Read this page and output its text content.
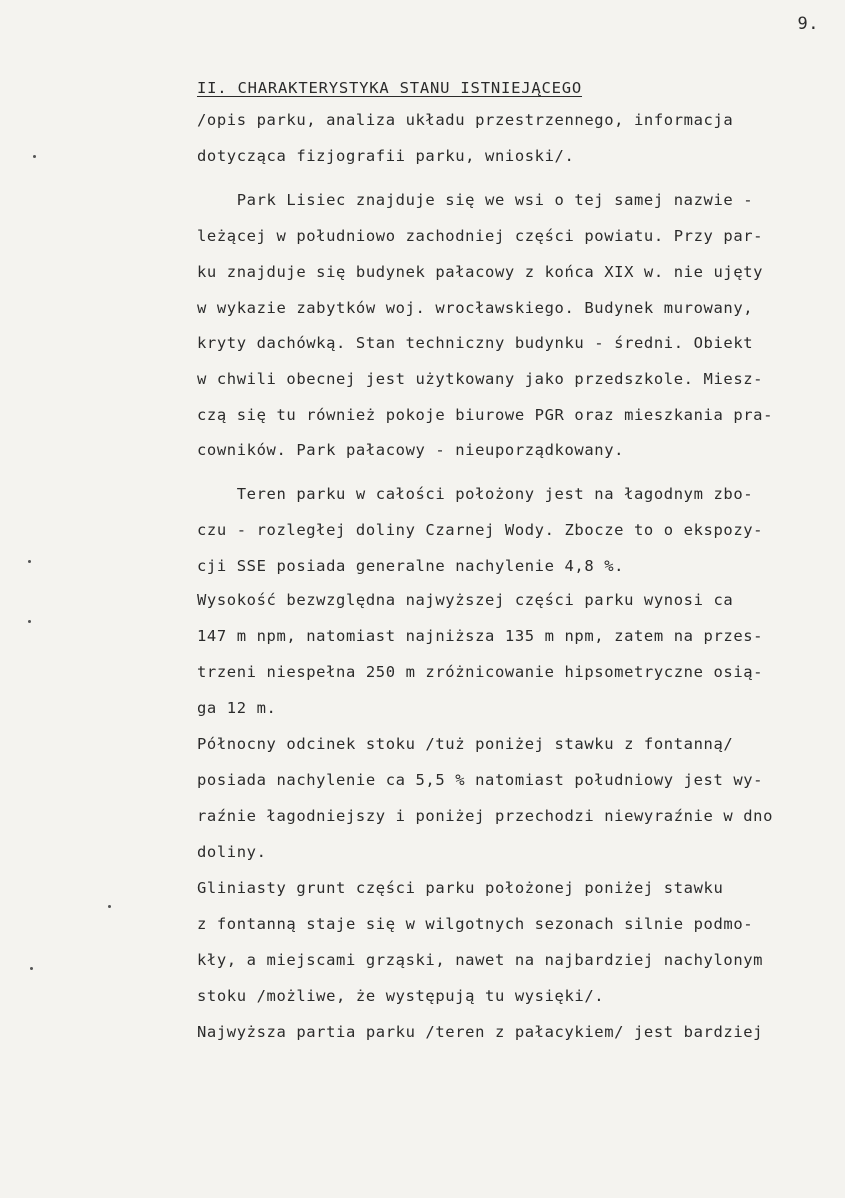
9.
II. CHARAKTERYSTYKA STANU ISTNIEJĄCEGO
/opis parku, analiza układu przestrzennego, informacja
dotycząca fizjografii parku, wnioski/.
Park Lisiec znajduje się we wsi o tej samej nazwie -
leżącej w południowo zachodniej części powiatu. Przy par-
ku znajduje się budynek pałacowy z końca XIX w. nie ujęty
w wykazie zabytków woj. wrocławskiego. Budynek murowany,
kryty dachówką. Stan techniczny budynku - średni. Obiekt
w chwili obecnej jest użytkowany jako przedszkole. Miesz-
czą się tu również pokoje biurowe PGR oraz mieszkania pra-
cowników. Park pałacowy - nieuporządkowany.
Teren parku w całości położony jest na łagodnym zbo-
czu - rozległej doliny Czarnej Wody. Zbocze to o ekspozy-
cji SSE posiada generalne nachylenie 4,8 %.
Wysokość bezwzględna najwyższej części parku wynosi ca
147 m npm, natomiast najniższa 135 m npm, zatem na przes-
trzeni niespełna 250 m zróżnicowanie hipsometryczne osią-
ga 12 m.
Północny odcinek stoku /tuż poniżej stawku z fontanną/
posiada nachylenie ca 5,5 % natomiast południowy jest wy-
raźnie łagodniejszy i poniżej przechodzi niewyraźnie w dno
doliny.
Gliniasty grunt części parku położonej poniżej stawku
z fontanną staje się w wilgotnych sezonach silnie podmo-
kły, a miejscami grząski, nawet na najbardziej nachylonym
stoku /możliwe, że występują tu wysięki/.
Najwyższa partia parku /teren z pałacykiem/ jest bardziej
